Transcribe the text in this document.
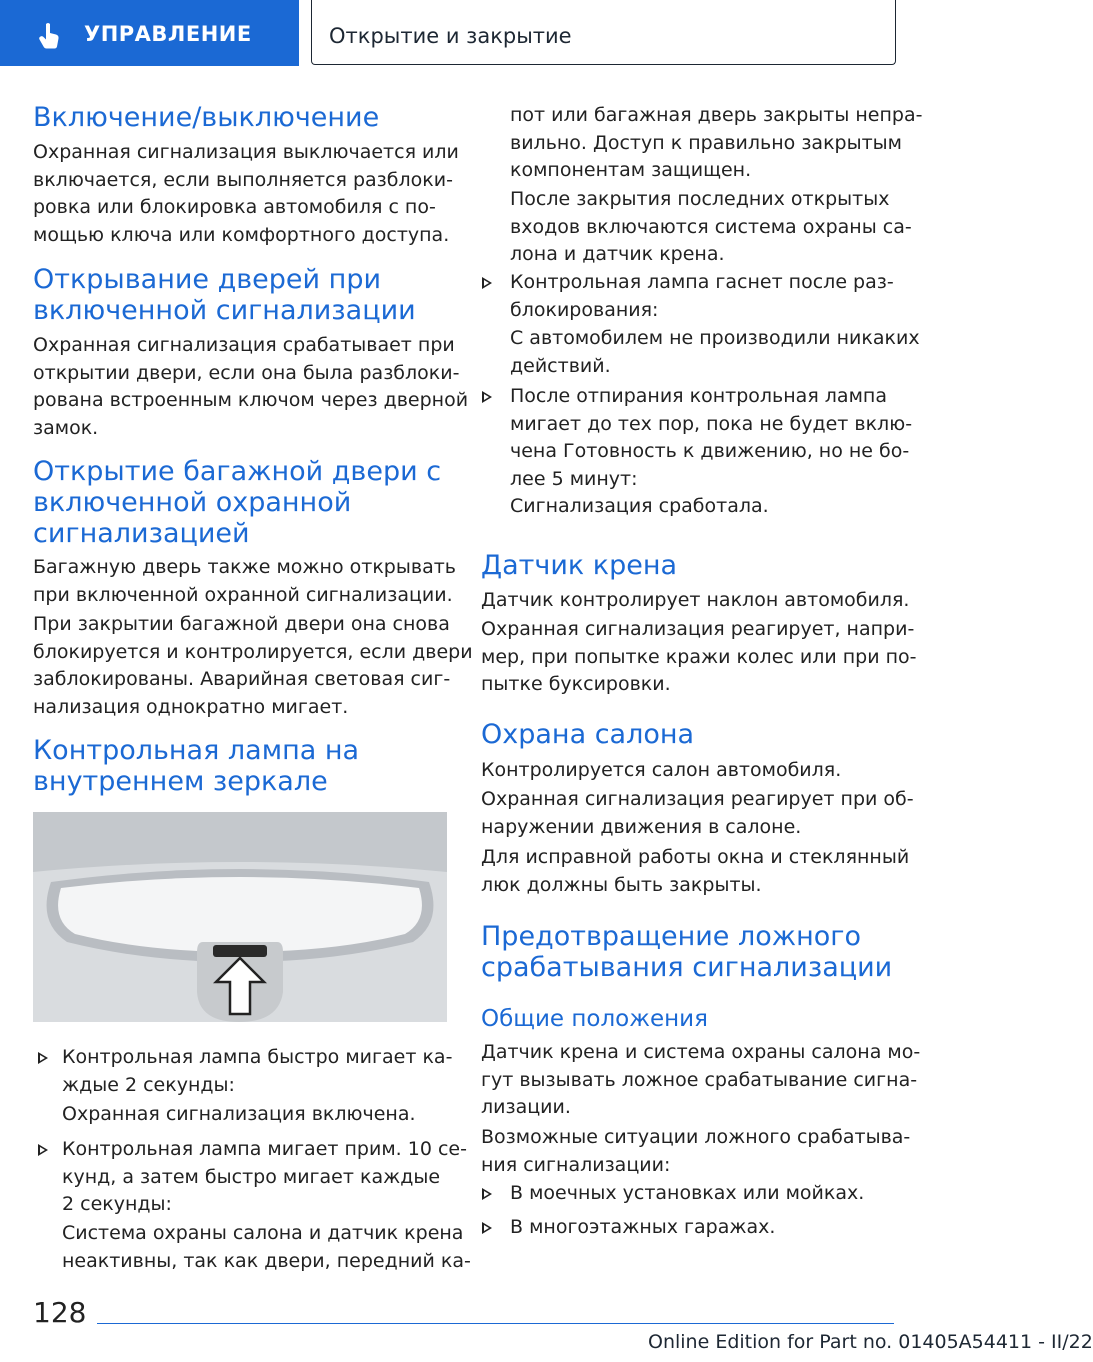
УПРАВЛЕНИЕ	Открытие и закрытие
Включение/выключение
Охранная сигнализация выключается или
включается, если выполняется разблоки-
ровка или блокировка автомобиля с по-
мощью ключа или комфортного доступа.
Открывание дверей при
включенной сигнализации
Охранная сигнализация срабатывает при
открытии двери, если она была разблоки-
рована встроенным ключом через дверной
замок.
Открытие багажной двери с
включенной охранной
сигнализацией
Багажную дверь также можно открывать
при включенной охранной сигнализации.
При закрытии багажной двери она снова
блокируется и контролируется, если двери
заблокированы. Аварийная световая сиг-
нализация однократно мигает.
Контрольная лампа на
внутреннем зеркале
Контрольная лампа быстро мигает ка-
ждые 2 секунды:
Охранная сигнализация включена.
Контрольная лампа мигает прим. 10 се-
кунд, а затем быстро мигает каждые
2 секунды:
Система охраны салона и датчик крена
неактивны, так как двери, передний ка-
пот или багажная дверь закрыты непра-
вильно. Доступ к правильно закрытым
компонентам защищен.
После закрытия последних открытых
входов включаются система охраны са-
лона и датчик крена.
Контрольная лампа гаснет после раз-
блокирования:
С автомобилем не производили никаких
действий.
После отпирания контрольная лампа
мигает до тех пор, пока не будет вклю-
чена Готовность к движению, но не бо-
лее 5 минут:
Сигнализация сработала.
Датчик крена
Датчик контролирует наклон автомобиля.
Охранная сигнализация реагирует, напри-
мер, при попытке кражи колес или при по-
пытке буксировки.
Охрана салона
Контролируется салон автомобиля.
Охранная сигнализация реагирует при об-
наружении движения в салоне.
Для исправной работы окна и стеклянный
люк должны быть закрыты.
Предотвращение ложного
срабатывания сигнализации
Общие положения
Датчик крена и система охраны салона мо-
гут вызывать ложное срабатывание сигна-
лизации.
Возможные ситуации ложного срабатыва-
ния сигнализации:
В моечных установках или мойках.
В многоэтажных гаражах.
128
Online Edition for Part no. 01405A54411 - II/22
